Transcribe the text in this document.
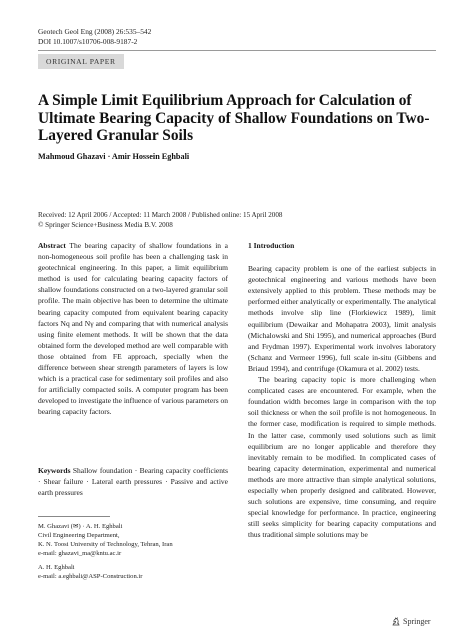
Geotech Geol Eng (2008) 26:535–542
DOI 10.1007/s10706-008-9187-2
ORIGINAL PAPER
A Simple Limit Equilibrium Approach for Calculation of Ultimate Bearing Capacity of Shallow Foundations on Two-Layered Granular Soils
Mahmoud Ghazavi · Amir Hossein Eghbali
Received: 12 April 2006 / Accepted: 11 March 2008 / Published online: 15 April 2008
© Springer Science+Business Media B.V. 2008
Abstract The bearing capacity of shallow foundations in a non-homogeneous soil profile has been a challenging task in geotechnical engineering. In this paper, a limit equilibrium method is used for calculating bearing capacity factors of shallow foundations constructed on a two-layered granular soil profile. The main objective has been to determine the ultimate bearing capacity computed from equivalent bearing capacity factors Nq and Nγ and comparing that with numerical analysis using finite element methods. It will be shown that the data obtained form the developed method are well comparable with those obtained from FE approach, specially when the difference between shear strength parameters of layers is low which is a practical case for sedimentary soil profiles and also for artificially compacted soils. A computer program has been developed to investigate the influence of various parameters on bearing capacity factors.
Keywords Shallow foundation · Bearing capacity coefficients · Shear failure · Lateral earth pressures · Passive and active earth pressures
M. Ghazavi (✉) · A. H. Eghbali
Civil Engineering Department,
K. N. Toosi University of Technology, Tehran, Iran
e-mail: ghazavi_ma@kntu.ac.ir
A. H. Eghbali
e-mail: a.eghbali@ASP-Construction.ir
1 Introduction
Bearing capacity problem is one of the earliest subjects in geotechnical engineering and various methods have been extensively applied to this problem. These methods may be performed either analytically or experimentally. The analytical methods involve slip line (Florkiewicz 1989), limit equilibrium (Dewaikar and Mohapatra 2003), limit analysis (Michalowski and Shi 1995), and numerical approaches (Burd and Frydman 1997). Experimental work involves laboratory (Schanz and Vermeer 1996), full scale in-situ (Gibbens and Briaud 1994), and centrifuge (Okamura et al. 2002) tests.
The bearing capacity topic is more challenging when complicated cases are encountered. For example, when the foundation width becomes large in comparison with the top soil thickness or when the soil profile is not homogeneous. In the former case, modification is required to simple methods. In the latter case, commonly used solutions such as limit equilibrium are no longer applicable and therefore they inevitably remain to be modified. In complicated cases of bearing capacity determination, experimental and numerical methods are more attractive than simple analytical solutions, especially when properly designed and calibrated. However, such solutions are expensive, time consuming, and require special knowledge for performance. In practice, engineering still seeks simplicity for bearing capacity computations and thus traditional simple solutions may be
Springer
